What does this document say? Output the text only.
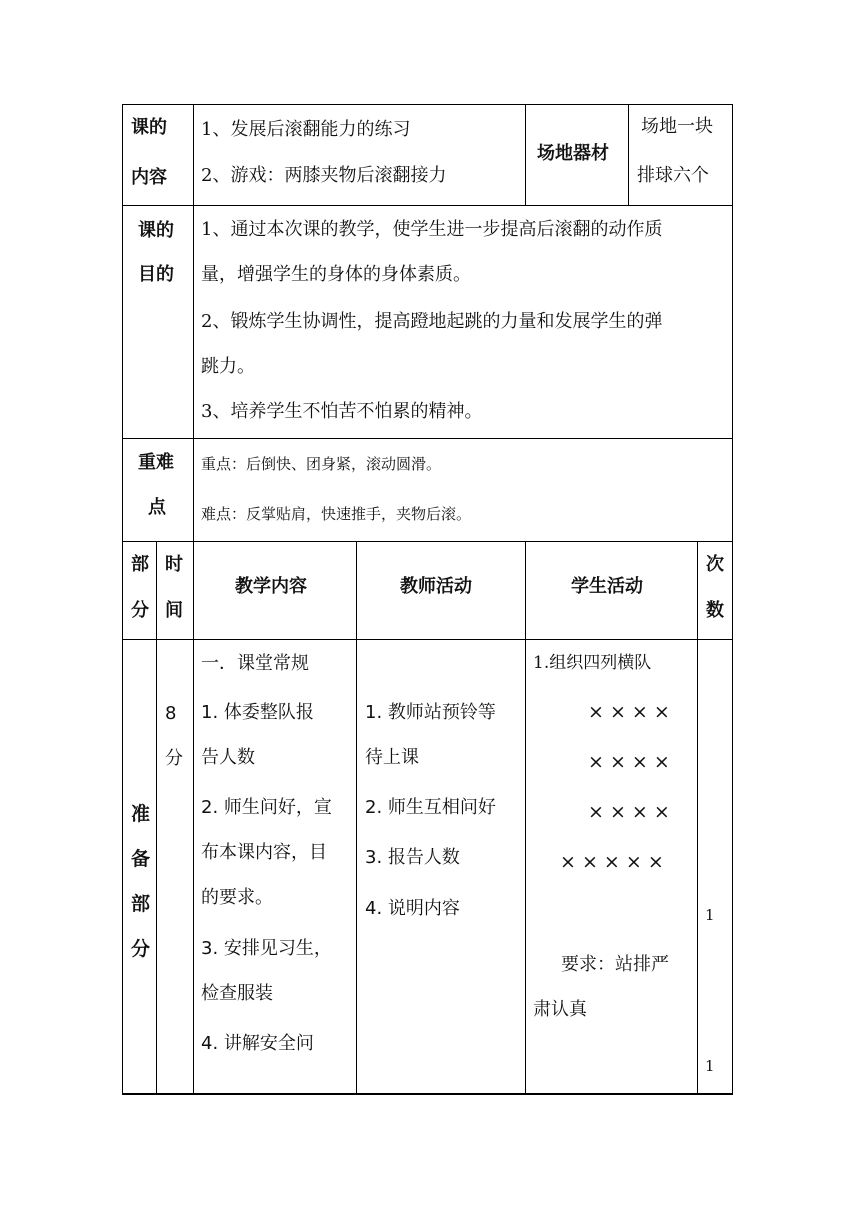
课的
内容
1、发展后滚翻能力的练习
2、游戏：两膝夹物后滚翻接力
场地器材
场地一块
排球六个
课的
目的
1、通过本次课的教学，使学生进一步提高后滚翻的动作质
量，增强学生的身体的身体素质。
2、锻炼学生协调性，提高蹬地起跳的力量和发展学生的弹
跳力。
3、培养学生不怕苦不怕累的精神。
重难
点
重点：后倒快、团身紧，滚动圆滑。
难点：反掌贴肩，快速推手，夹物后滚。
部
分
时
间
教学内容	教师活动	学生活动
次
数
准
备
部
分
8
分
一．课堂常规
1. 体委整队报
告人数
2. 师生问好，宣
布本课内容，目
的要求。
3. 安排见习生，
检查服装
4. 讲解安全问
1. 教师站预铃等
待上课
2. 师生互相问好
3. 报告人数
4. 说明内容
1.组织四列横队
× × × ×
× × × ×
× × × ×
× × × × ×
要求：站排严
肃认真
1
1
